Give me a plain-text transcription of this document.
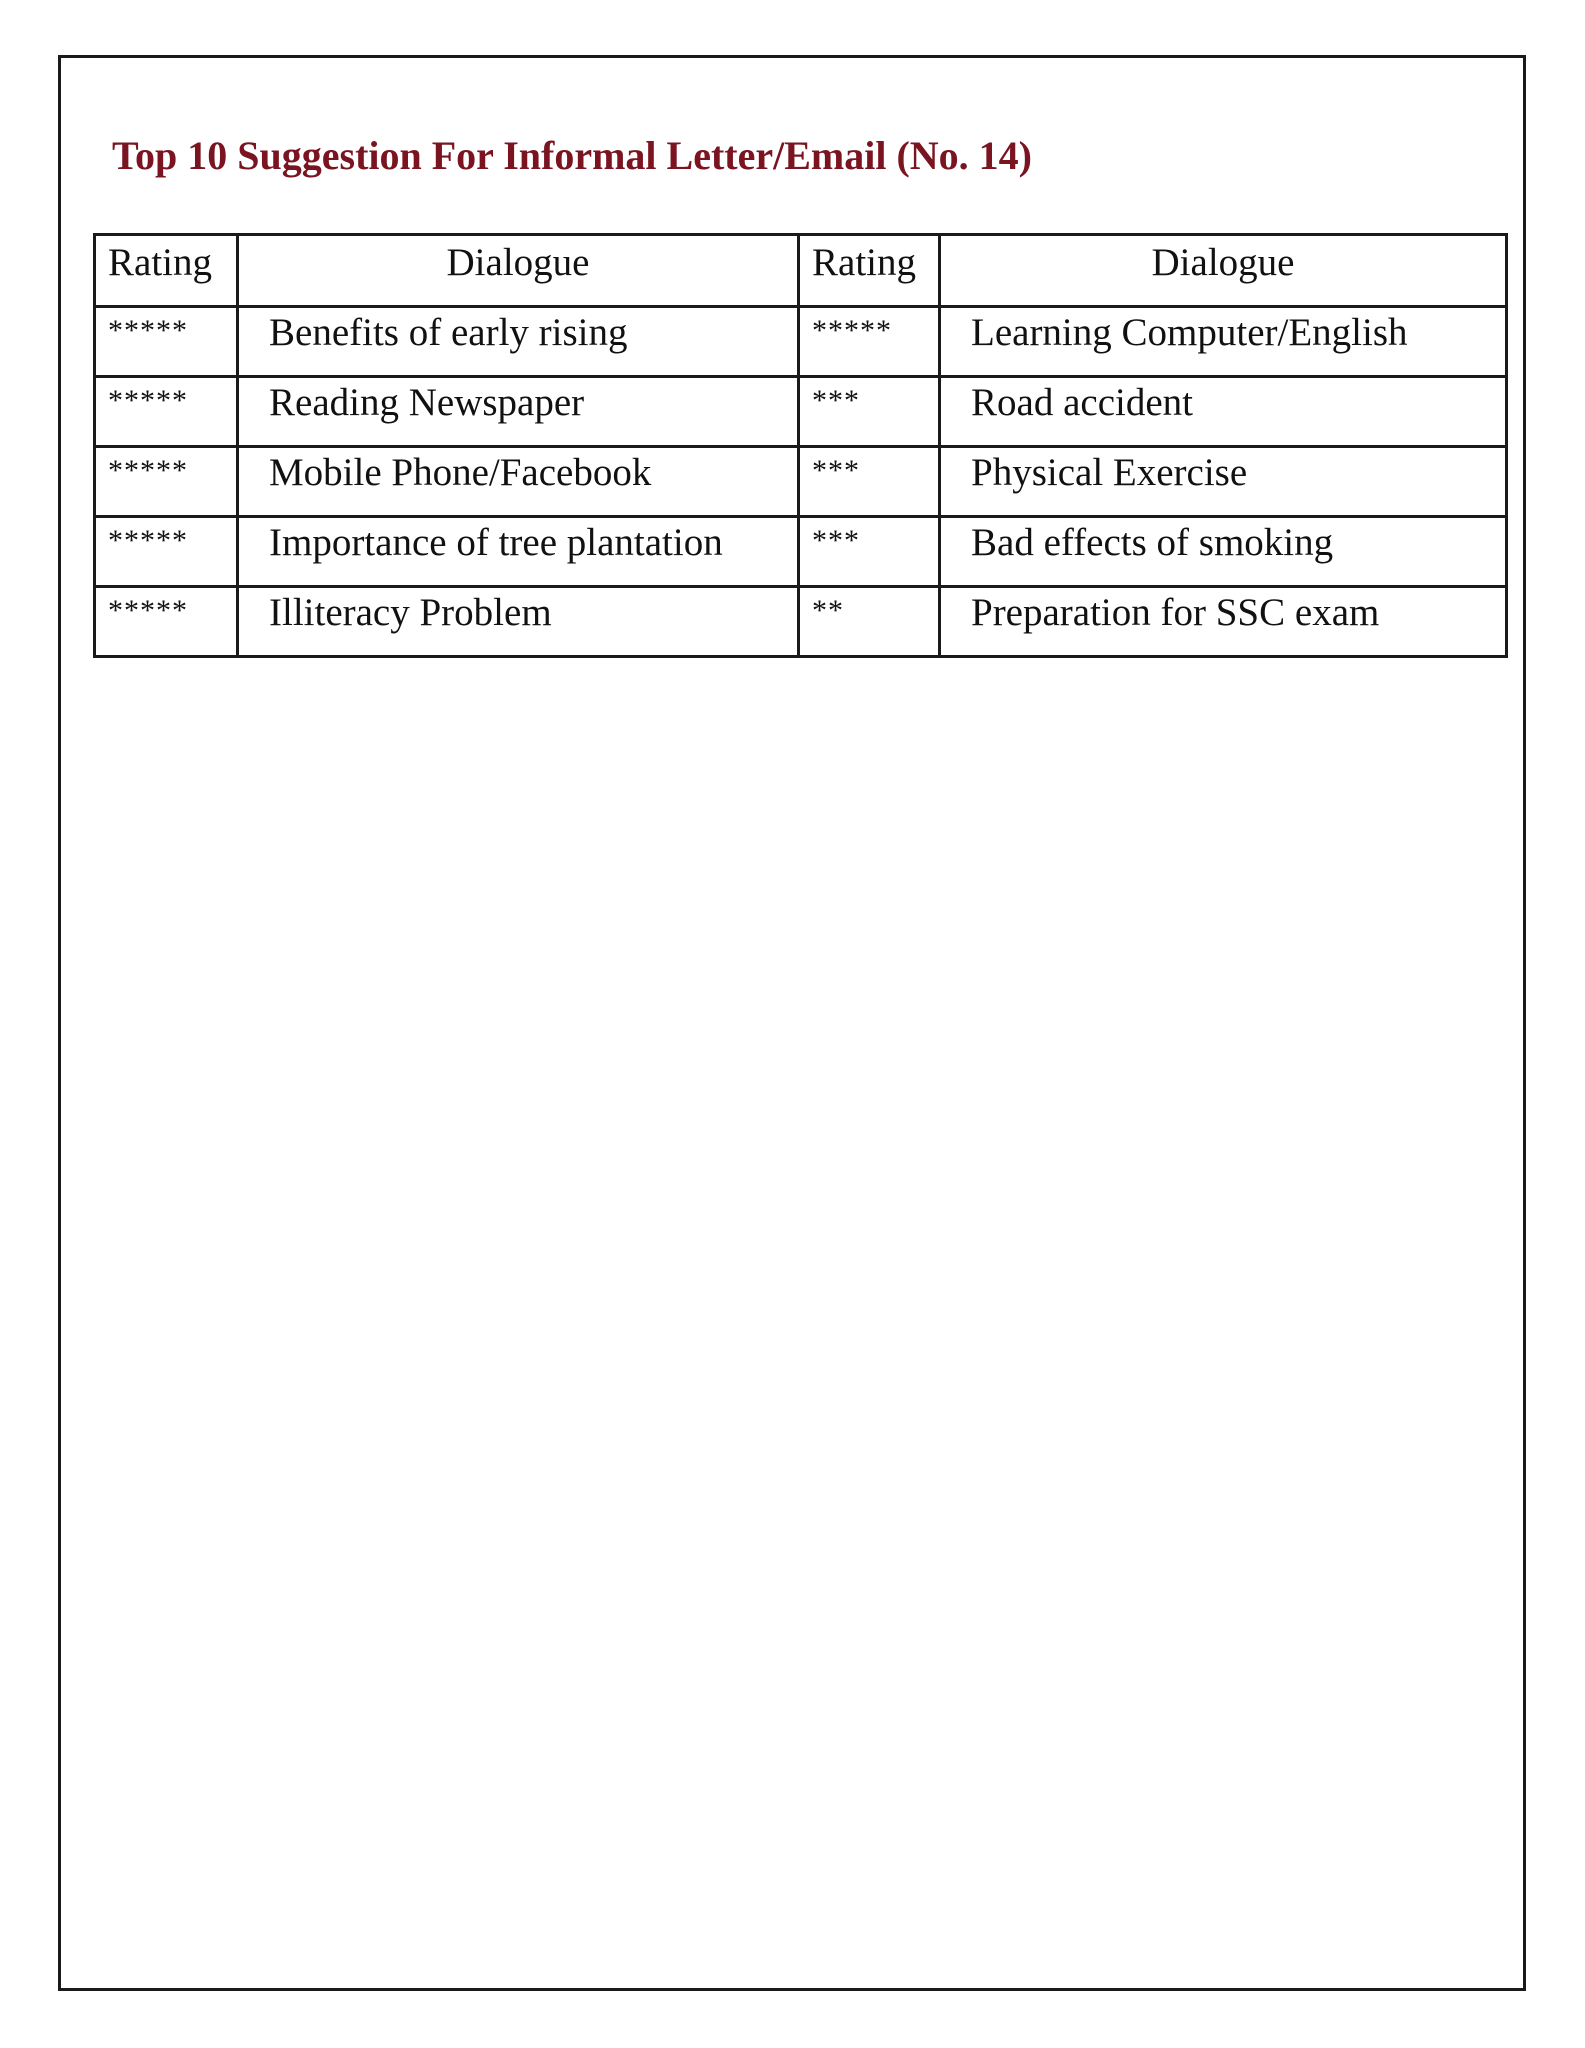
Top 10 Suggestion For Informal Letter/Email (No. 14)
Rating	Dialogue	Rating	Dialogue
*****	Benefits of early rising	*****	Learning Computer/English
*****	Reading Newspaper	***	Road accident
*****	Mobile Phone/Facebook	***	Physical Exercise
*****	Importance of tree plantation	***	Bad effects of smoking
*****	Illiteracy Problem	**	Preparation for SSC exam
